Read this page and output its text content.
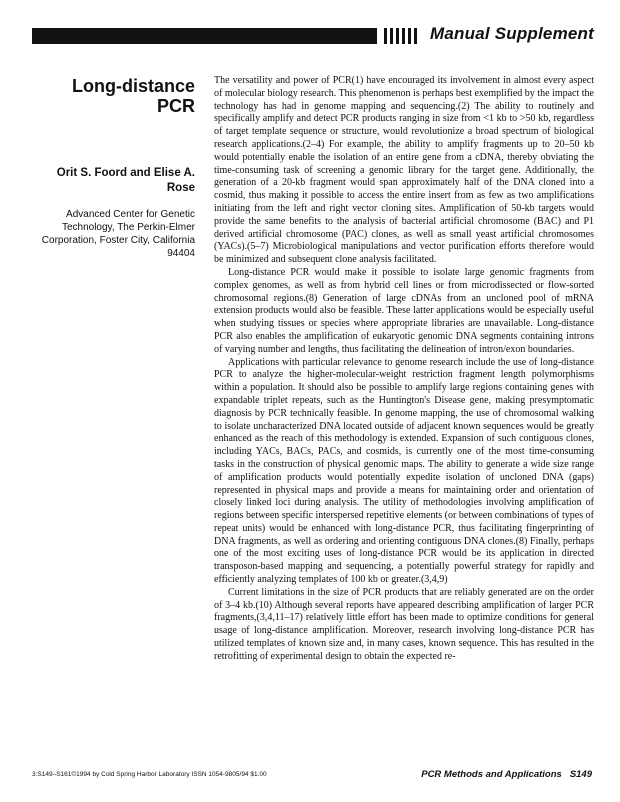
Manual Supplement
Long-distance PCR
Orit S. Foord and Elise A. Rose
Advanced Center for Genetic Technology, The Perkin-Elmer Corporation, Foster City, California 94404

The versatility and power of PCR(1) have encouraged its involvement in almost every aspect of molecular biology research. This phenomenon is perhaps best exemplified by the impact the technology has had in genome mapping and sequencing.(2) The ability to routinely and specifically amplify and detect PCR products ranging in size from <1 kb to >50 kb, regardless of target template sequence or structure, would revolutionize a broad spectrum of biological research applications.(2–4) For example, the ability to amplify fragments up to 20–50 kb would potentially enable the isolation of an entire gene from a cDNA, thereby obviating the time-consuming task of screening a genomic library for the target gene. Additionally, the generation of a 20-kb fragment would span approximately half of the DNA cloned into a cosmid, thus making it possible to access the entire insert from as few as two amplifications initiating from the left and right vector cloning sites. Amplification of 50-kb targets would provide the same benefits to the analysis of bacterial artificial chromosome (BAC) and P1 derived artificial chromosome (PAC) clones, as well as small yeast artificial chromosomes (YACs).(5–7) Microbiological manipulations and vector purification efforts therefore would be minimized and subsequent clone analysis facilitated.

Long-distance PCR would make it possible to isolate large genomic fragments from complex genomes, as well as from hybrid cell lines or from microdissected or flow-sorted chromosomal regions.(8) Generation of large cDNAs from an uncloned pool of mRNA extension products would also be feasible. These latter applications would be especially useful when studying tissues or species where appropriate libraries are unavailable. Long-distance PCR also enables the amplification of eukaryotic genomic DNA segments containing introns of varying number and lengths, thus facilitating the delineation of intron/exon boundaries.

Applications with particular relevance to genome research include the use of long-distance PCR to analyze the higher-molecular-weight restriction fragment length polymorphisms within a population. It should also be possible to amplify large regions containing genes with expandable triplet repeats, such as the Huntington's Disease gene, making presymptomatic diagnosis by PCR technically feasible. In genome mapping, the use of chromosomal walking to isolate uncharacterized DNA located outside of adjacent known sequences would be greatly enhanced as the reach of this methodology is extended. Expansion of such contiguous clones, including YACs, BACs, PACs, and cosmids, is currently one of the most time-consuming tasks in the construction of physical genomic maps. The ability to generate a wide size range of amplification products would potentially expedite isolation of uncloned DNA (gaps) represented in physical maps and provide a means for maintaining order and orientation of closely linked loci during analysis. The utility of methodologies involving amplification of regions between specific interspersed repetitive elements (or between combinations of types of repeat units) would be enhanced with long-distance PCR, thus facilitating fingerprinting of DNA fragments, as well as ordering and orienting contiguous DNA clones.(8) Finally, perhaps one of the most exciting uses of long-distance PCR would be its application in directed transposon-based mapping and sequencing, a potentially powerful strategy for rapidly and efficiently analyzing templates of 100 kb or greater.(3,4,9)

Current limitations in the size of PCR products that are reliably generated are on the order of 3–4 kb.(10) Although several reports have appeared describing amplification of larger PCR fragments,(3,4,11–17) relatively little effort has been made to optimize conditions for general usage of long-distance amplification. Moreover, research involving long-distance PCR has utilized templates of known size and, in many cases, known sequence. This has resulted in the retrofitting of experimental design to obtain the expected re-

3:S149–S161©1994 by Cold Spring Harbor Laboratory ISSN 1054-9805/94 $1.00	PCR Methods and Applications S149
